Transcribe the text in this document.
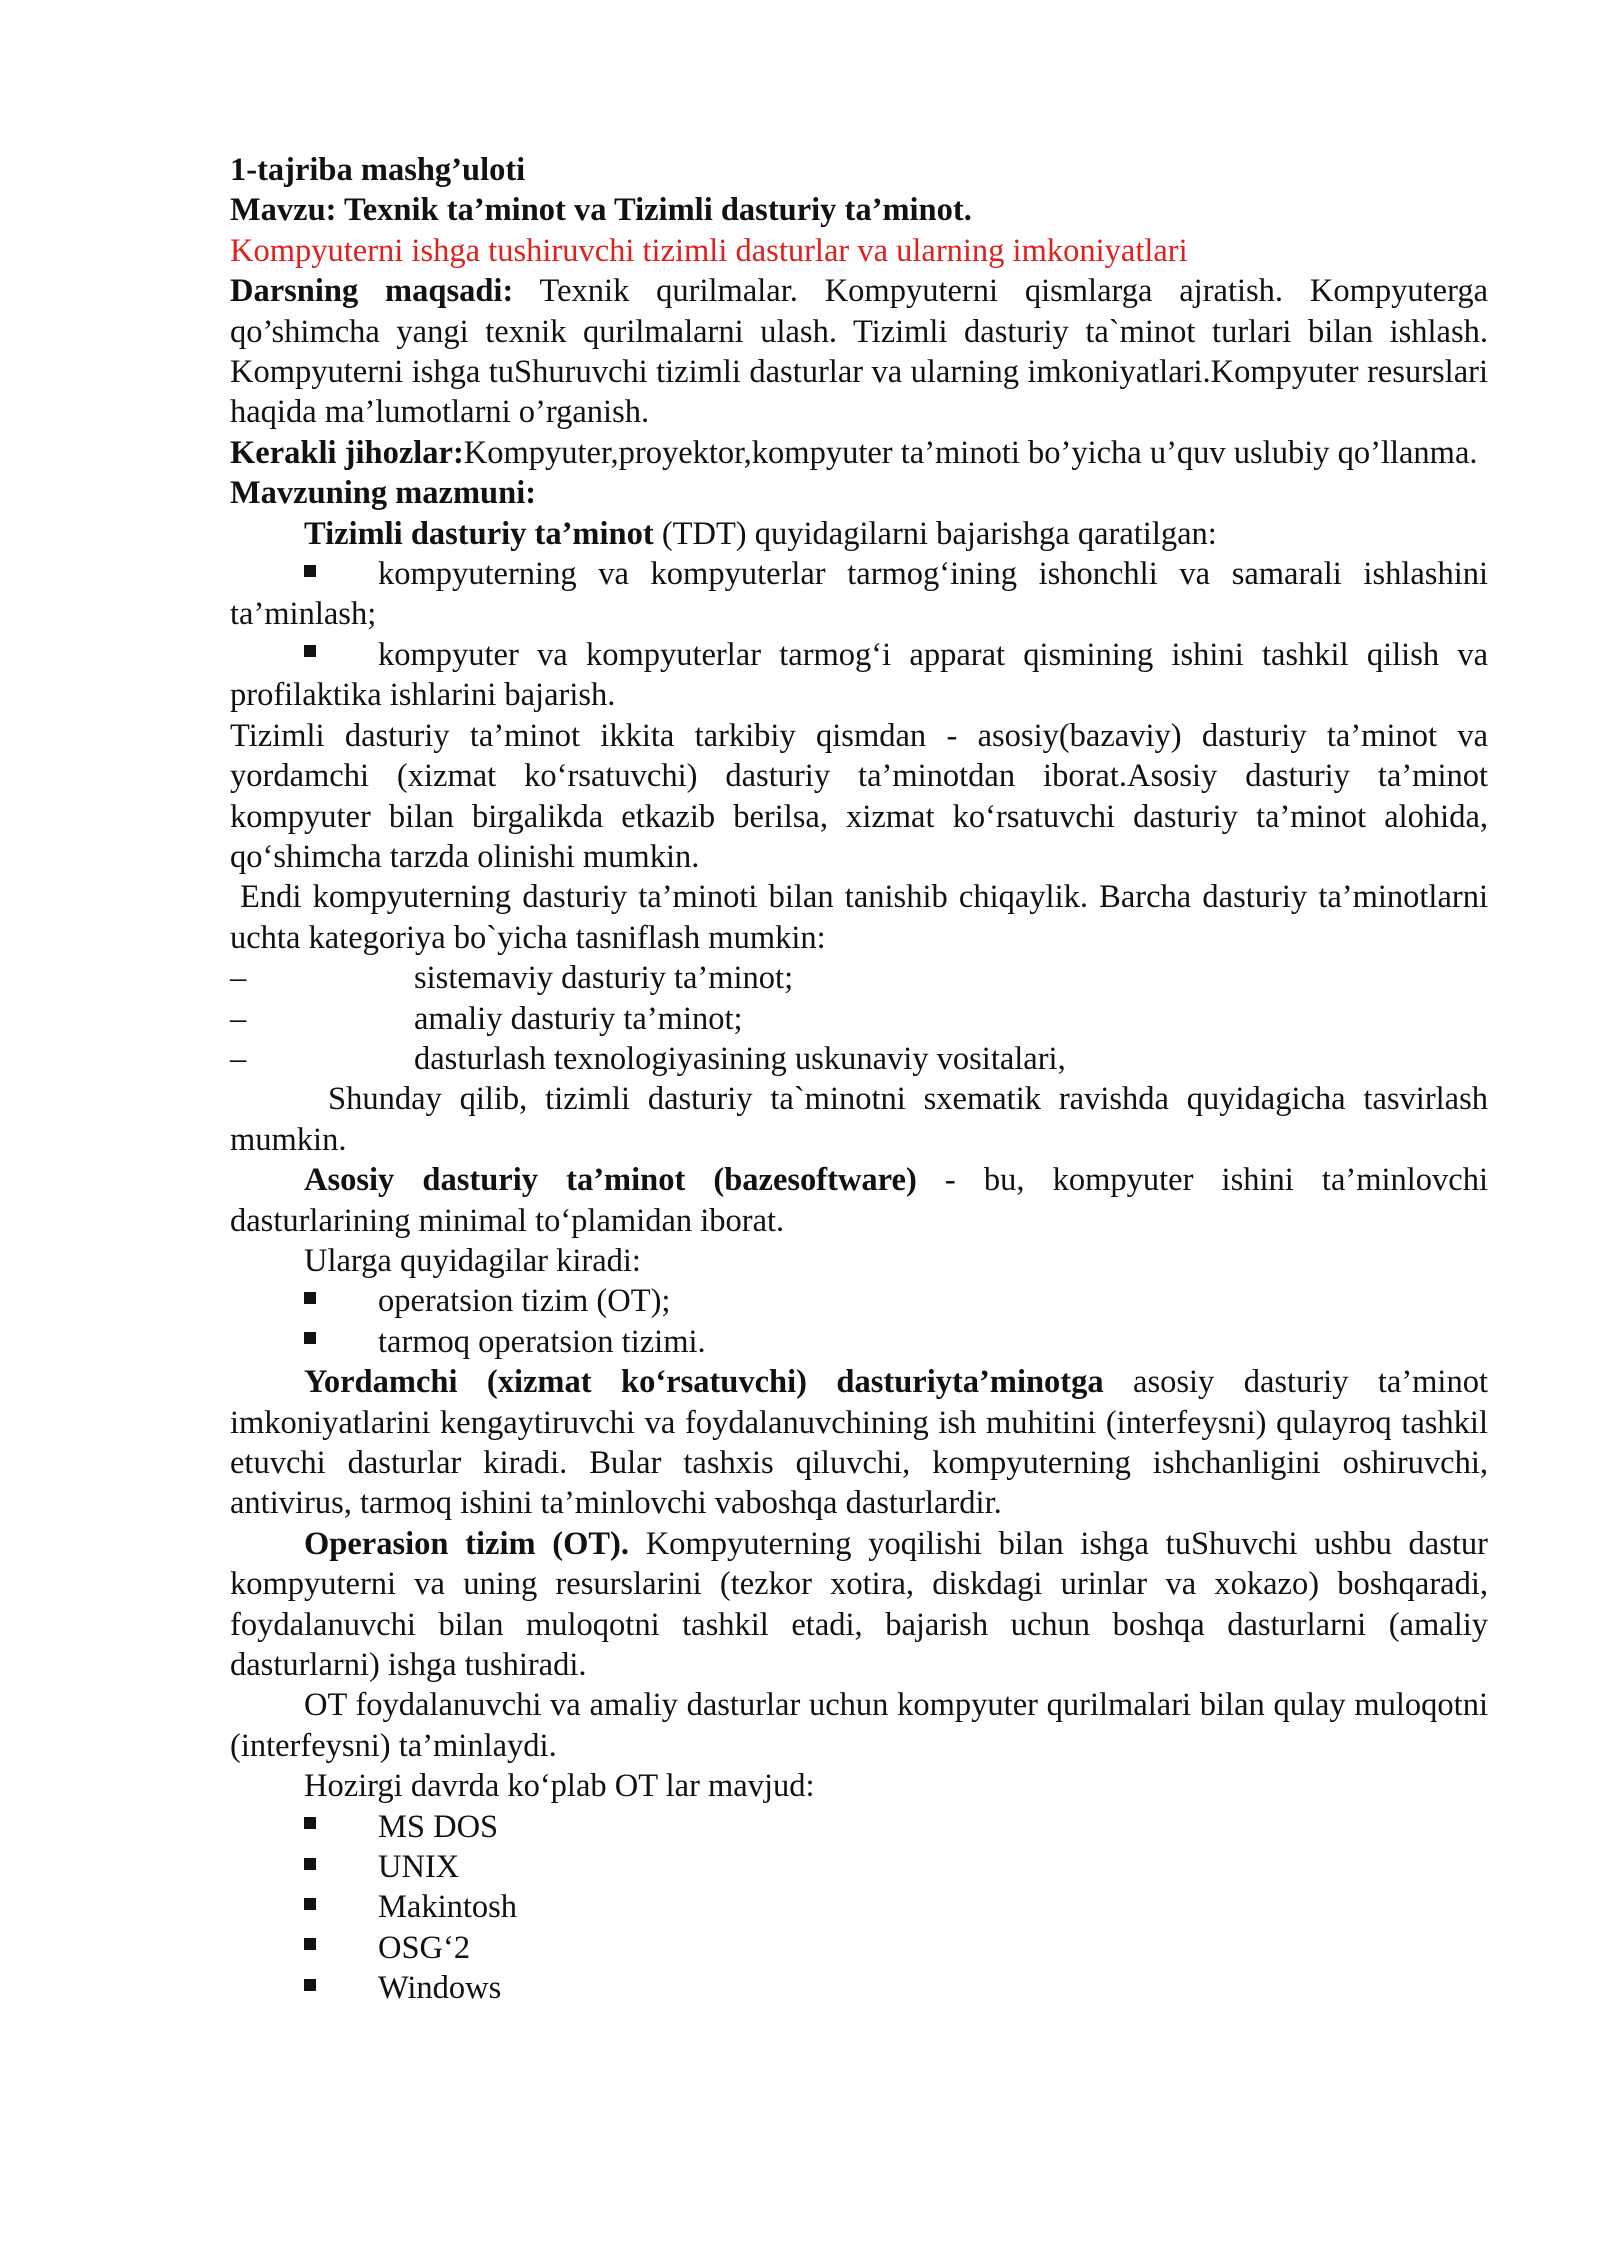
1-tajriba mashg’uloti

Mavzu: Texnik ta’minot va Tizimli dasturiy ta’minot.

Kompyuterni ishga tushiruvchi tizimli dasturlar va ularning imkoniyatlari

Darsning maqsadi: Texnik qurilmalar. Kompyuterni qismlarga ajratish. Kompyuterga qo’shimcha yangi texnik qurilmalarni ulash. Tizimli dasturiy ta`minot turlari bilan ishlash. Kompyuterni ishga tuShuruvchi tizimli dasturlar va ularning imkoniyatlari.Kompyuter resurslari haqida ma’lumotlarni o’rganish.

Kerakli jihozlar:Kompyuter,proyektor,kompyuter ta’minoti bo’yicha u’quv uslubiy qo’llanma.

Mavzuning mazmuni:

Tizimli dasturiy ta’minot (TDT) quyidagilarni bajarishga qaratilgan:

kompyuterning va kompyuterlar tarmog‘ining ishonchli va samarali ishlashini ta’minlash;

kompyuter va kompyuterlar tarmog‘i apparat qismining ishini tashkil qilish va profilaktika ishlarini bajarish.

Tizimli dasturiy ta’minot ikkita tarkibiy qismdan - asosiy(bazaviy) dasturiy ta’minot va yordamchi (xizmat ko‘rsatuvchi) dasturiy ta’minotdan iborat.Asosiy dasturiy ta’minot kompyuter bilan birgalikda etkazib berilsa, xizmat ko‘rsatuvchi dasturiy ta’minot alohida, qo‘shimcha tarzda olinishi mumkin.

Endi kompyuterning dasturiy ta’minoti bilan tanishib chiqaylik. Barcha dasturiy ta’minotlarni uchta kategoriya bo`yicha tasniflash mumkin:

–	sistemaviy dasturiy ta’minot;
–	amaliy dasturiy ta’minot;
–	dasturlash texnologiyasining uskunaviy vositalari,

Shunday qilib, tizimli dasturiy ta`minotni sxematik ravishda quyidagicha tasvirlash mumkin.

Asosiy dasturiy ta’minot (bazesoftware) - bu, kompyuter ishini ta’minlovchi dasturlarining minimal to‘plamidan iborat.

Ularga quyidagilar kiradi:

operatsion tizim (OT);

tarmoq operatsion tizimi.

Yordamchi (xizmat ko‘rsatuvchi) dasturiyta’minotga asosiy dasturiy ta’minot imkoniyatlarini kengaytiruvchi va foydalanuvchining ish muhitini (interfeysni) qulayroq tashkil etuvchi dasturlar kiradi. Bular tashxis qiluvchi, kompyuterning ishchanligini oshiruvchi, antivirus, tarmoq ishini ta’minlovchi vaboshqa dasturlardir.

Operasion tizim (OT). Kompyuterning yoqilishi bilan ishga tuShuvchi ushbu dastur kompyuterni va uning resurslarini (tezkor xotira, diskdagi urinlar va xokazo) boshqaradi, foydalanuvchi bilan muloqotni tashkil etadi, bajarish uchun boshqa dasturlarni (amaliy dasturlarni) ishga tushiradi.

OT foydalanuvchi va amaliy dasturlar uchun kompyuter qurilmalari bilan qulay muloqotni (interfeysni) ta’minlaydi.

Hozirgi davrda ko‘plab OT lar mavjud:

MS DOS

UNIX

Makintosh

OSG‘2

Windows
